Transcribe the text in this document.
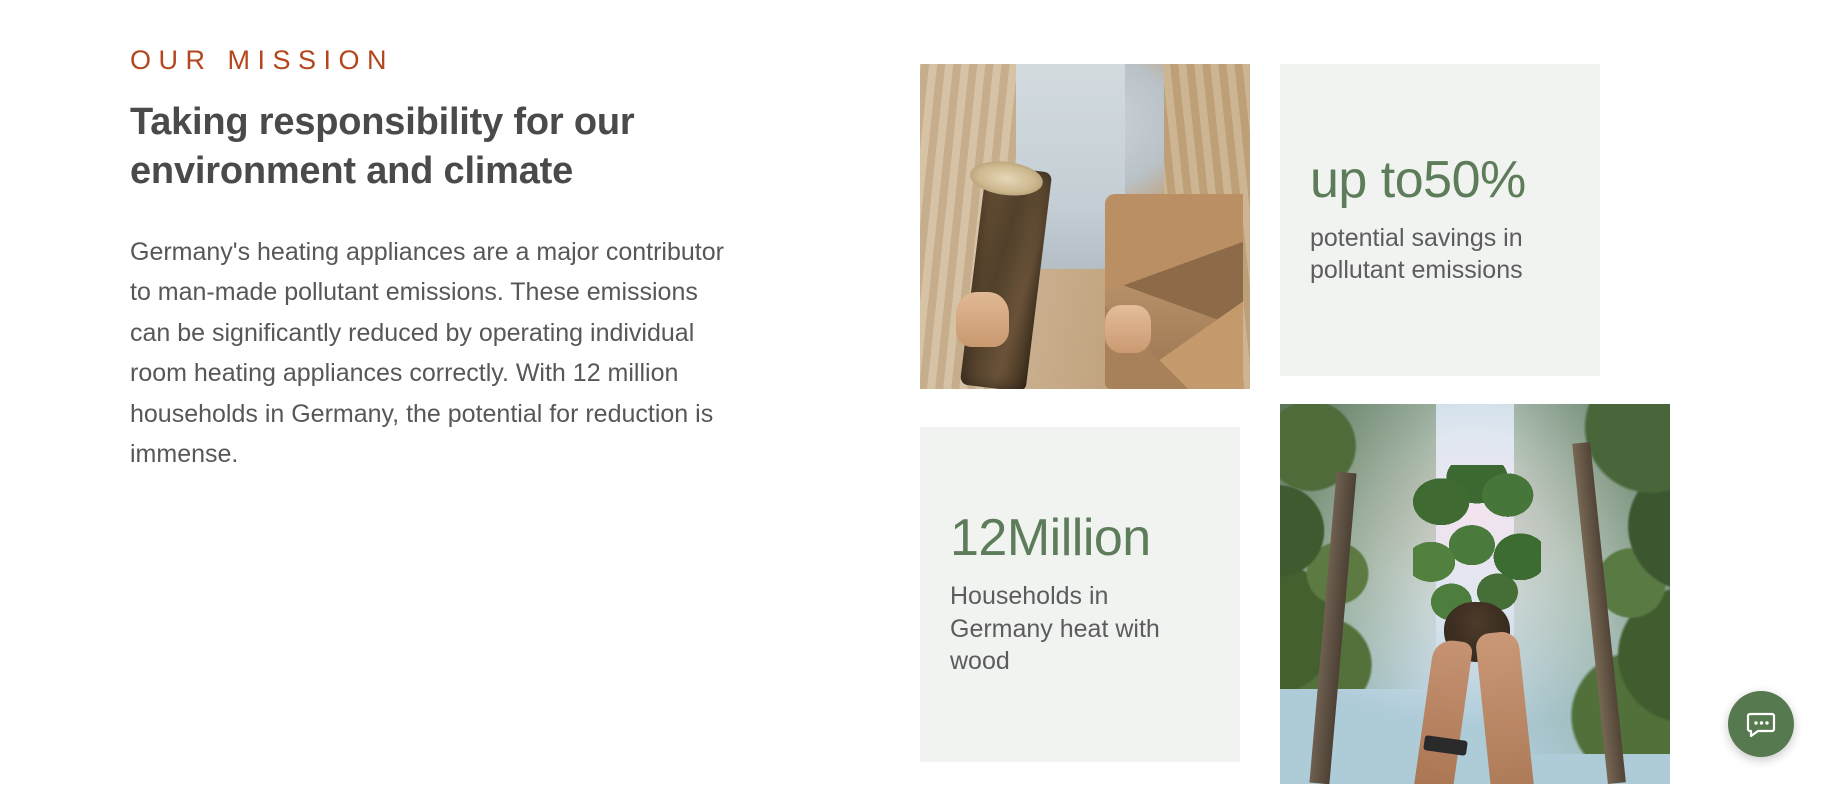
OUR MISSION
Taking responsibility for our environment and climate

Germany's heating appliances are a major contributor to man-made pollutant emissions. These emissions can be significantly reduced by operating individual room heating appliances correctly. With 12 million households in Germany, the potential for reduction is immense.

up to50%
potential savings in pollutant emissions
12Million
Households in Germany heat with wood
